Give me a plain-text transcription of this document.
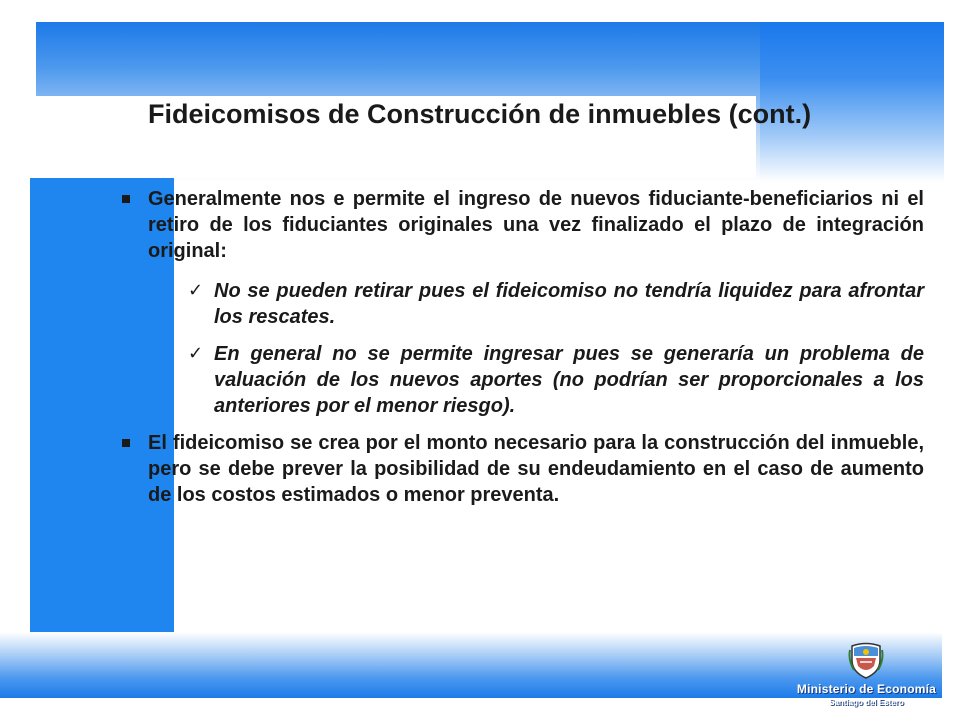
Fideicomisos de Construcción de inmuebles (cont.)
Generalmente nos e permite el ingreso de nuevos fiduciante-beneficiarios ni el retiro de los fiduciantes originales una vez finalizado el plazo de integración original:
✓ No se pueden retirar pues el fideicomiso no tendría liquidez para afrontar los rescates.
✓ En general no se permite ingresar pues se generaría un problema de valuación de los nuevos aportes (no podrían ser proporcionales a los anteriores por el menor riesgo).
El fideicomiso se crea por el monto necesario para la construcción del inmueble, pero se debe prever la posibilidad de su endeudamiento en el caso de aumento de los costos estimados o menor preventa.
Ministerio de Economía
Santiago del Estero
